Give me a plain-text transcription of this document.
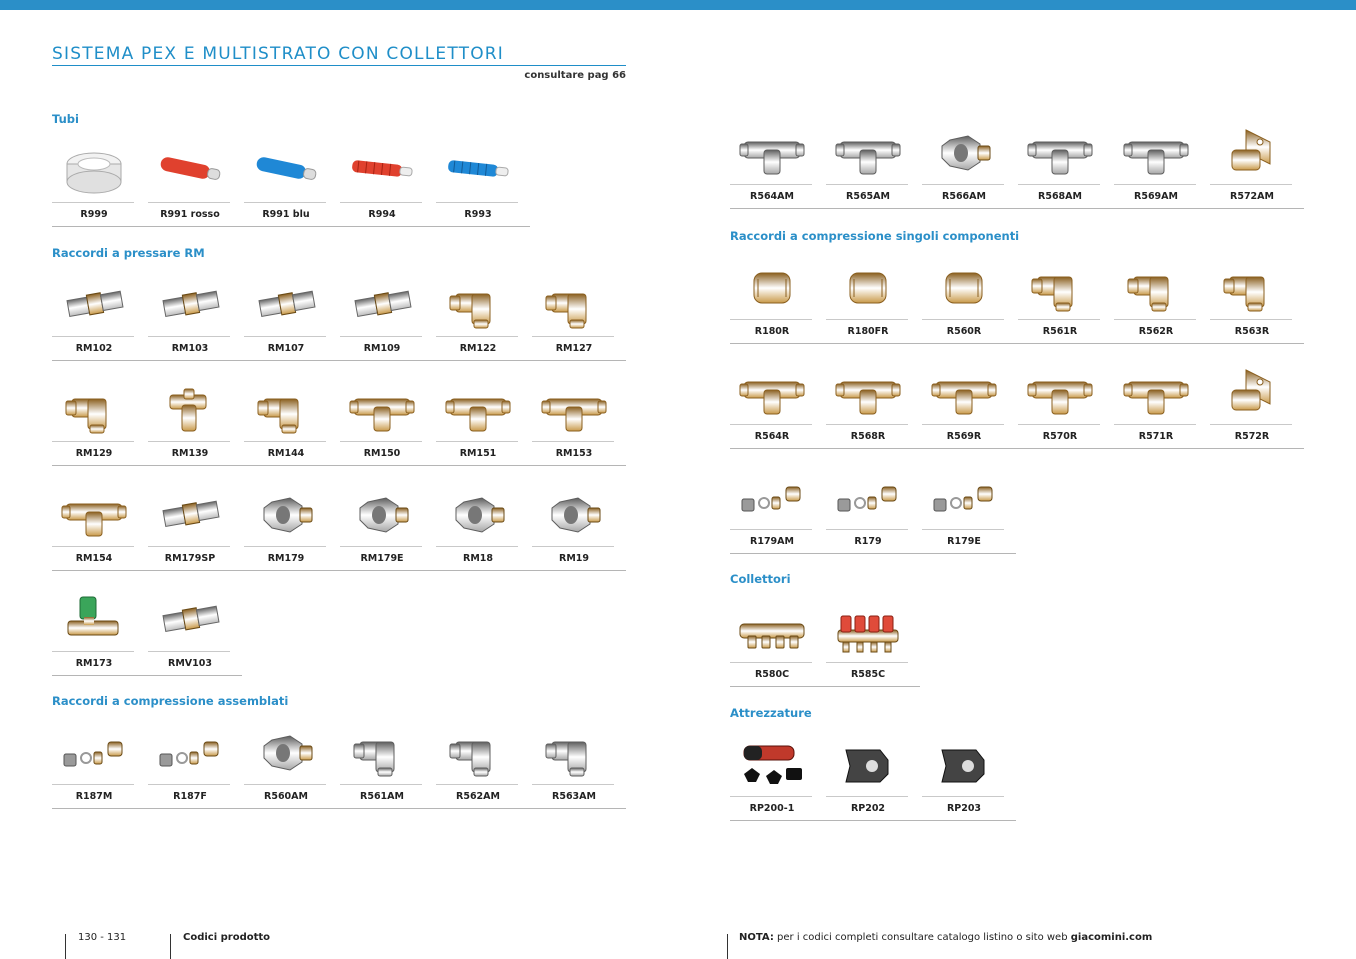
SISTEMA PEX E MULTISTRATO CON COLLETTORI
consultare pag 66
Tubi
R999	R991 rosso	R991 blu	R994	R993
Raccordi a pressare RM
RM102	RM103	RM107	RM109	RM122	RM127
RM129	RM139	RM144	RM150	RM151	RM153
RM154	RM179SP	RM179	RM179E	RM18	RM19
RM173	RMV103
Raccordi a compressione assemblati
R187M	R187F	R560AM	R561AM	R562AM	R563AM
R564AM	R565AM	R566AM	R568AM	R569AM	R572AM
Raccordi a compressione singoli componenti
R180R	R180FR	R560R	R561R	R562R	R563R
R564R	R568R	R569R	R570R	R571R	R572R
R179AM	R179	R179E
Collettori
R580C	R585C
Attrezzature
RP200-1	RP202	RP203
130 - 131	Codici prodotto	NOTA: per i codici completi consultare catalogo listino o sito web giacomini.com
